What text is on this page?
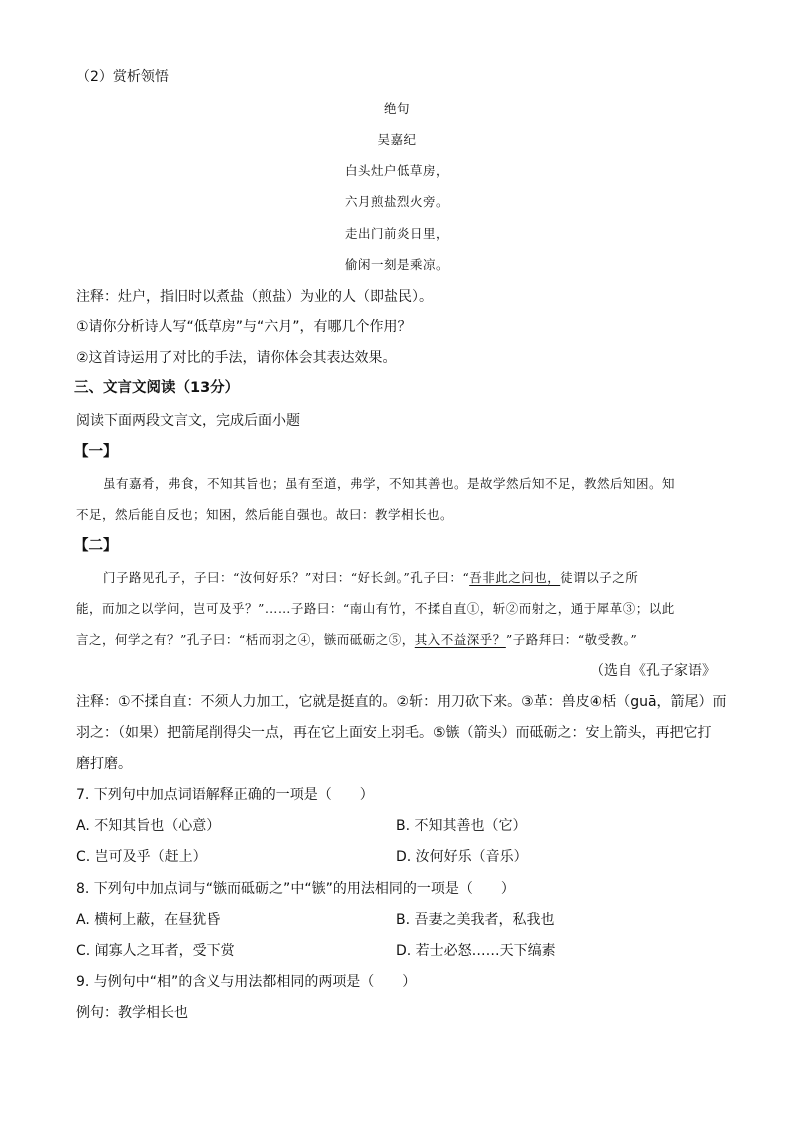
（2）赏析领悟
绝句
吴嘉纪
白头灶户低草房，
六月煎盐烈火旁。
走出门前炎日里，
偷闲一刻是乘凉。
注释：灶户，指旧时以煮盐（煎盐）为业的人（即盐民）。
①请你分析诗人写“低草房”与“六月”，有哪几个作用？
②这首诗运用了对比的手法，请你体会其表达效果。
三、文言文阅读（13分）
阅读下面两段文言文，完成后面小题
【一】
虽有嘉肴，弗食，不知其旨也；虽有至道，弗学，不知其善也。是故学然后知不足，教然后知困。知
不足，然后能自反也；知困，然后能自强也。故曰：教学相长也。
【二】
门子路见孔子，子曰：“汝何好乐？”对曰：“好长剑。”孔子曰：“吾非此之问也，徒谓以子之所
能，而加之以学问，岂可及乎？”……子路曰：“南山有竹，不揉自直①，斩②而射之，通于犀革③；以此
言之，何学之有？”孔子曰：“栝而羽之④，镞而砥砺之⑤，其入不益深乎？”子路拜曰：“敬受教。”
（选自《孔子家语》
注释：①不揉自直：不须人力加工，它就是挺直的。②斩：用刀砍下来。③革：兽皮④栝（guā，箭尾）而
羽之：（如果）把箭尾削得尖一点，再在它上面安上羽毛。⑤镞（箭头）而砥砺之：安上箭头，再把它打
磨打磨。
7. 下列句中加点词语解释正确的一项是（　　）
A. 不知其旨也（心意）	B. 不知其善也（它）
C. 岂可及乎（赶上）	D. 汝何好乐（音乐）
8. 下列句中加点词与“镞而砥砺之”中“镞”的用法相同的一项是（　　）
A. 横柯上蔽，在昼犹昏	B. 吾妻之美我者，私我也
C. 闻寡人之耳者，受下赏	D. 若士必怒……天下缟素
9. 与例句中“相”的含义与用法都相同的两项是（　　）
例句：教学相长也
